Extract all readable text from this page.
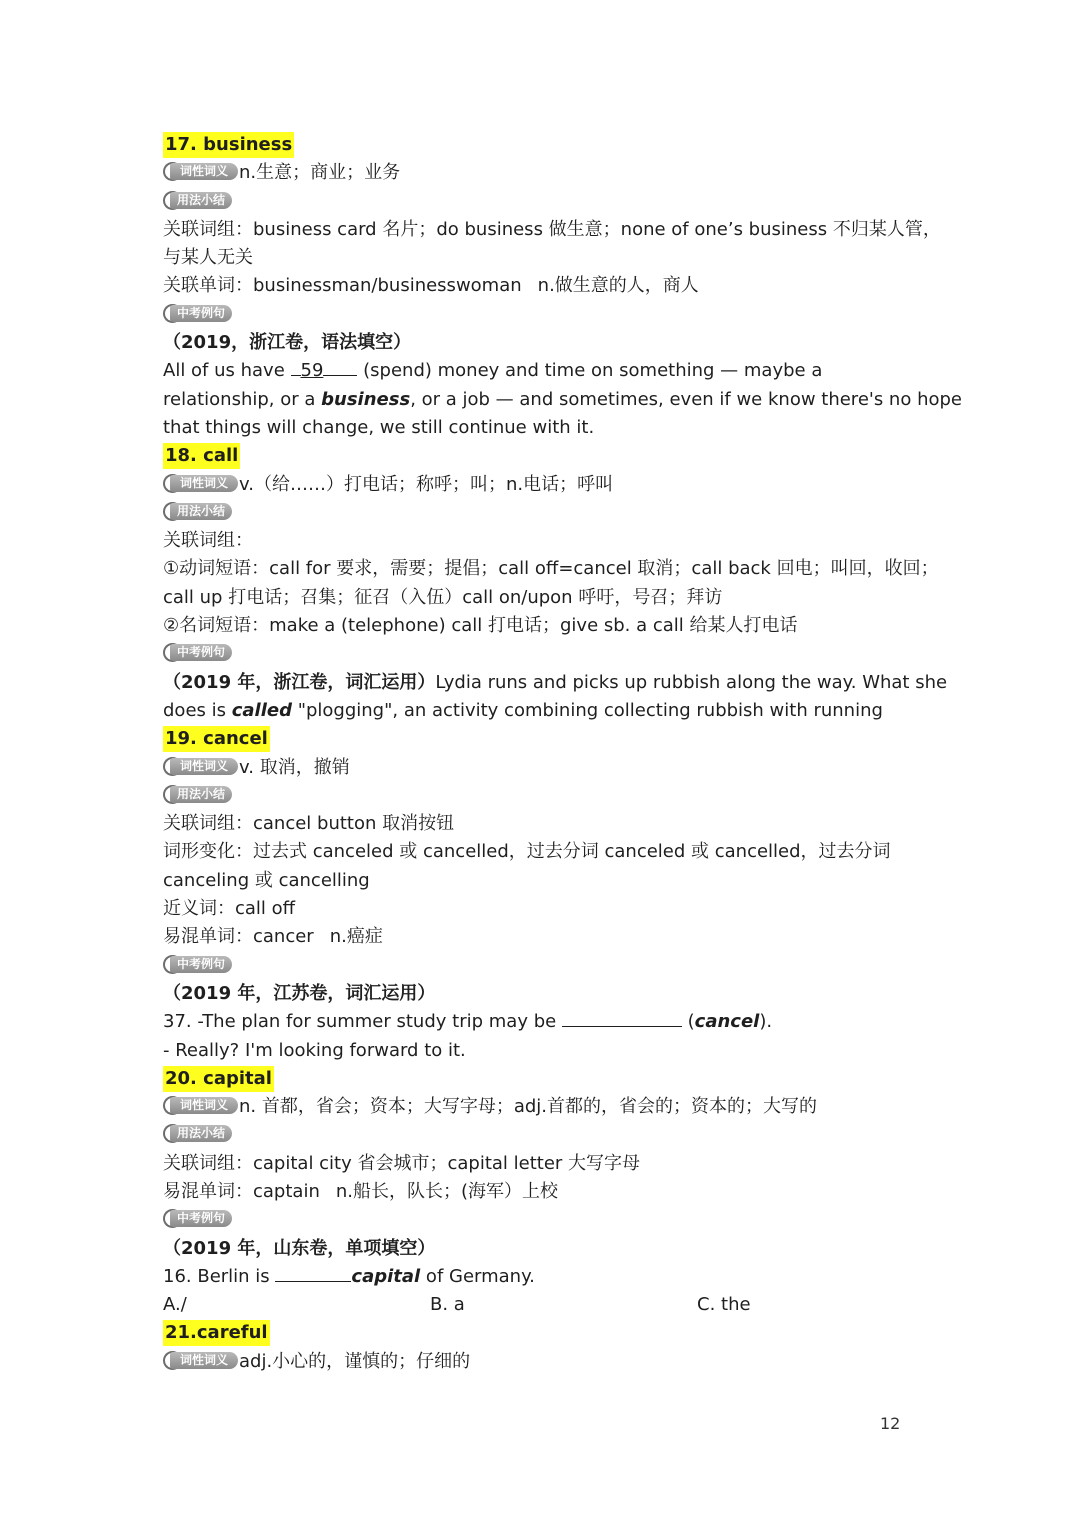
17. business
词性词义 n.生意；商业；业务
用法小结
关联词组：business card 名片；do business 做生意；none of one’s business 不归某人管，
与某人无关
关联单词：businessman/businesswoman n.做生意的人，商人
中考例句
（2019，浙江卷，语法填空）
All of us have 59 (spend) money and time on something — maybe a
relationship, or a business, or a job — and sometimes, even if we know there's no hope
that things will change, we still continue with it.
18. call
词性词义 v.（给……）打电话；称呼；叫；n.电话；呼叫
用法小结
关联词组：
①动词短语：call for 要求，需要；提倡；call off=cancel 取消；call back 回电；叫回，收回；
call up 打电话；召集；征召（入伍）call on/upon 呼吁，号召；拜访
②名词短语：make a (telephone) call 打电话；give sb. a call 给某人打电话
中考例句
（2019 年，浙江卷，词汇运用）Lydia runs and picks up rubbish along the way. What she
does is called "plogging", an activity combining collecting rubbish with running
19. cancel
词性词义 v. 取消，撤销
用法小结
关联词组：cancel button 取消按钮
词形变化：过去式 canceled 或 cancelled，过去分词 canceled 或 cancelled，过去分词
canceling 或 cancelling
近义词：call off
易混单词：cancer n.癌症
中考例句
（2019 年，江苏卷，词汇运用）
37. -The plan for summer study trip may be	(cancel).
- Really? I'm looking forward to it.
20. capital
词性词义 n. 首都，省会；资本；大写字母；adj.首都的，省会的；资本的；大写的
用法小结
关联词组：capital city 省会城市；capital letter 大写字母
易混单词：captain n.船长，队长；(海军）上校
中考例句
（2019 年，山东卷，单项填空）
16. Berlin is	capital of Germany.
A./	B. a	C. the
21.careful
词性词义 adj.小心的，谨慎的；仔细的
12
